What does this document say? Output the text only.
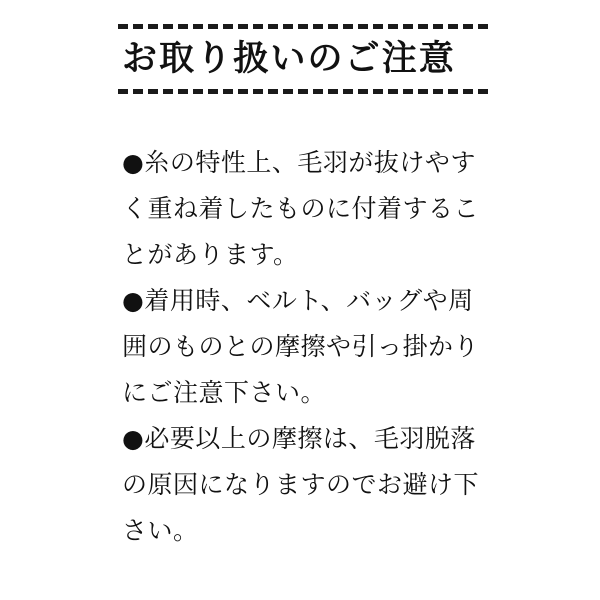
お取り扱いのご注意

●糸の特性上、毛羽が抜けやすく重ね着したものに付着することがあります。

●着用時、ベルト、バッグや周囲のものとの摩擦や引っ掛かりにご注意下さい。

●必要以上の摩擦は、毛羽脱落の原因になりますのでお避け下さい。
